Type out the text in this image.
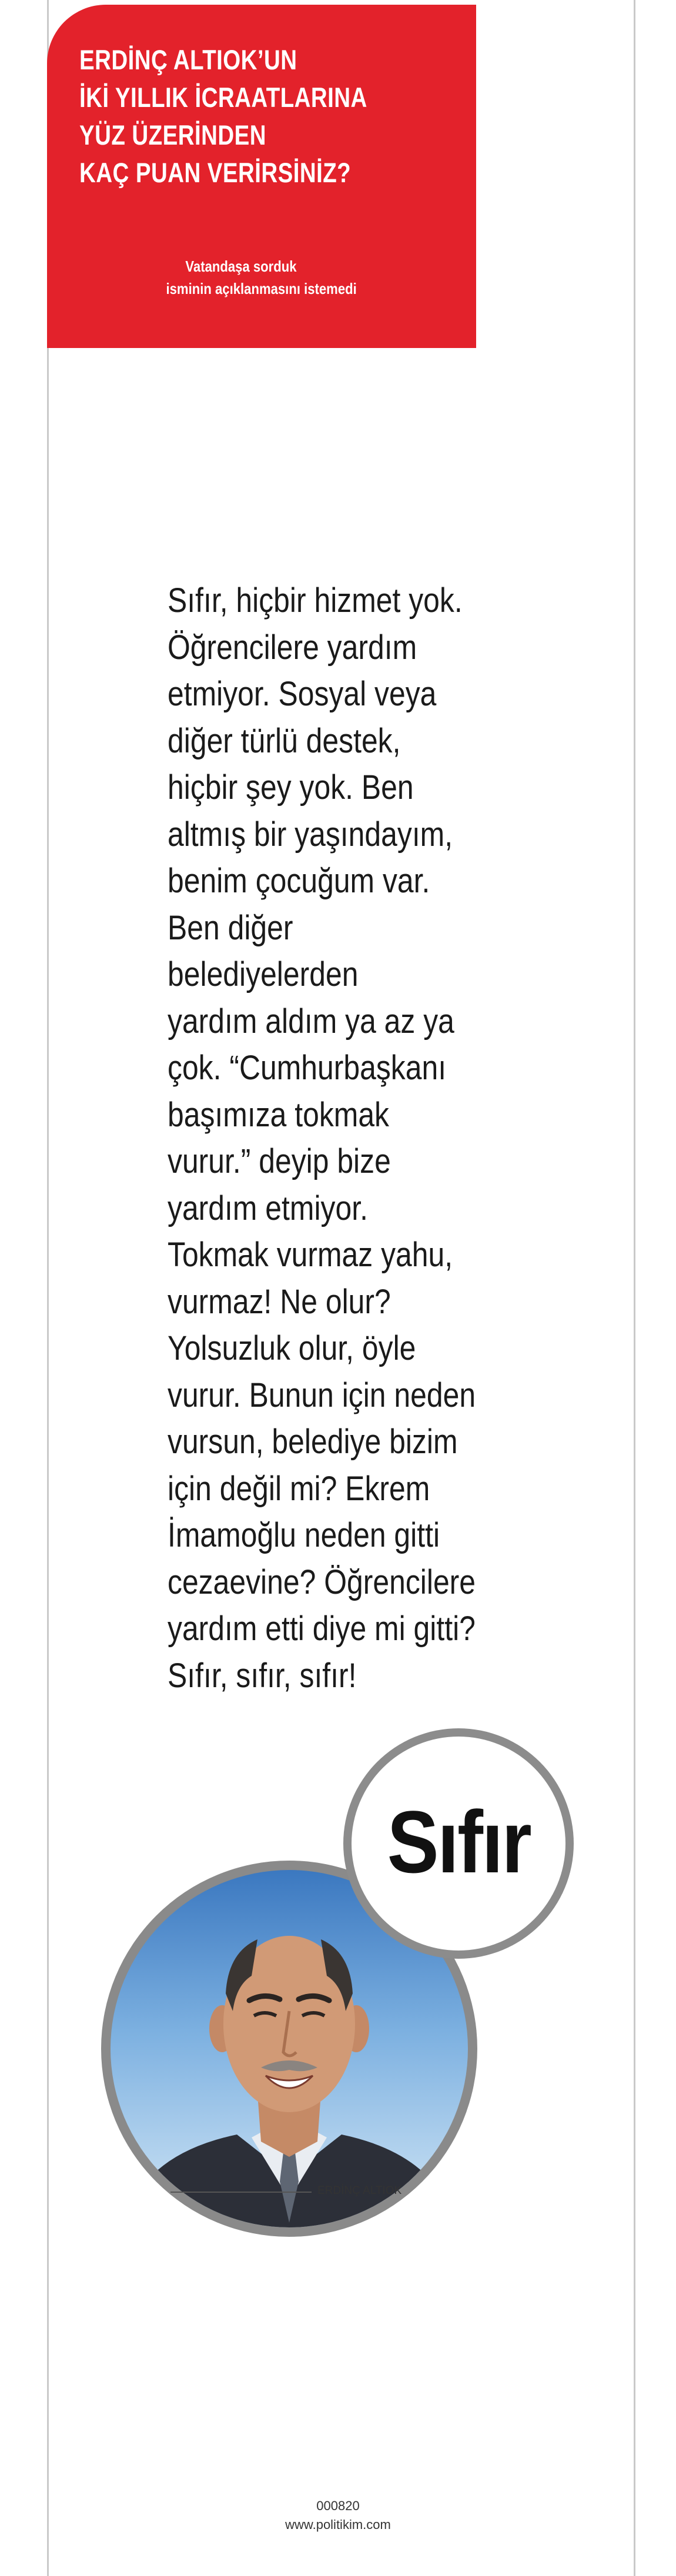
ERDİNÇ ALTIOK’UN
İKİ YILLIK İCRAATLARINA
YÜZ ÜZERİNDEN
KAÇ PUAN VERİRSİNİZ?
Vatandaşa sorduk
isminin açıklanmasını istemedi
Sıfır, hiçbir hizmet yok.
Öğrencilere yardım
etmiyor. Sosyal veya
diğer türlü destek,
hiçbir şey yok. Ben
altmış bir yaşındayım,
benim çocuğum var.
Ben diğer
belediyelerden
yardım aldım ya az ya
çok. “Cumhurbaşkanı
başımıza tokmak
vurur.” deyip bize
yardım etmiyor.
Tokmak vurmaz yahu,
vurmaz! Ne olur?
Yolsuzluk olur, öyle
vurur. Bunun için neden
vursun, belediye bizim
için değil mi? Ekrem
İmamoğlu neden gitti
cezaevine? Öğrencilere
yardım etti diye mi gitti?
Sıfır, sıfır, sıfır!
Sıfır
ERDİNÇ ALTIOK
000820
www.politikim.com
